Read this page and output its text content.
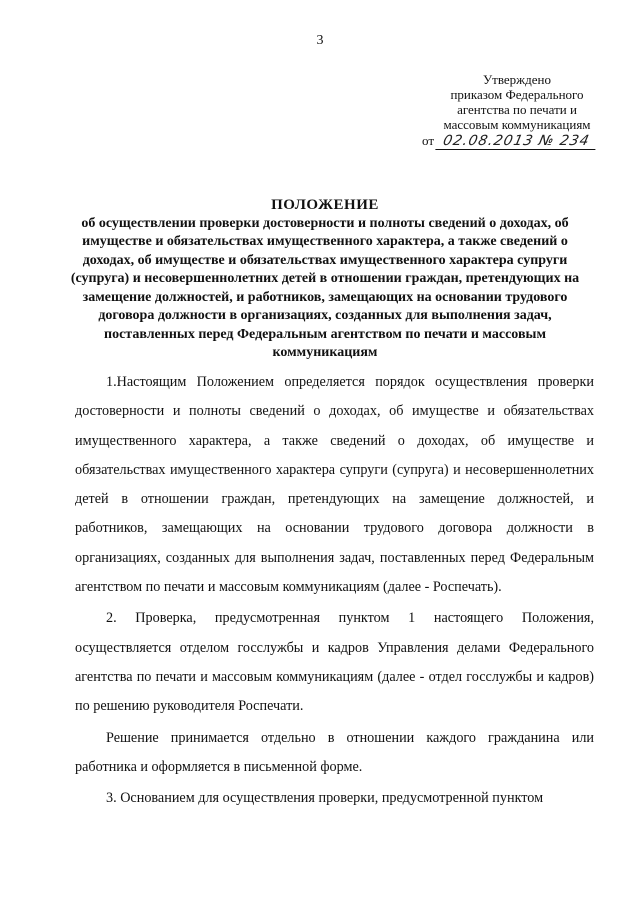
3
Утверждено
приказом Федерального
агентства по печати и
массовым коммуникациям
от 02.08.2013 № 234
ПОЛОЖЕНИЕ
об осуществлении проверки достоверности и полноты сведений о доходах, об имуществе и обязательствах имущественного характера, а также сведений о доходах, об имуществе и обязательствах имущественного характера супруги (супруга) и несовершеннолетних детей в отношении граждан, претендующих на замещение должностей, и работников, замещающих на основании трудового договора должности в организациях, созданных для выполнения задач, поставленных перед Федеральным агентством по печати и массовым коммуникациям

1.Настоящим Положением определяется порядок осуществления проверки достоверности и полноты сведений о доходах, об имуществе и обязательствах имущественного характера, а также сведений о доходах, об имуществе и обязательствах имущественного характера супруги (супруга) и несовершеннолетних детей в отношении граждан, претендующих на замещение должностей, и работников, замещающих на основании трудового договора должности в организациях, созданных для выполнения задач, поставленных перед Федеральным агентством по печати и массовым коммуникациям (далее - Роспечать).

2. Проверка, предусмотренная пунктом 1 настоящего Положения, осуществляется отделом госслужбы и кадров Управления делами Федерального агентства по печати и массовым коммуникациям (далее - отдел госслужбы и кадров) по решению руководителя Роспечати.

Решение принимается отдельно в отношении каждого гражданина или работника и оформляется в письменной форме.

3. Основанием для осуществления проверки, предусмотренной пунктом
